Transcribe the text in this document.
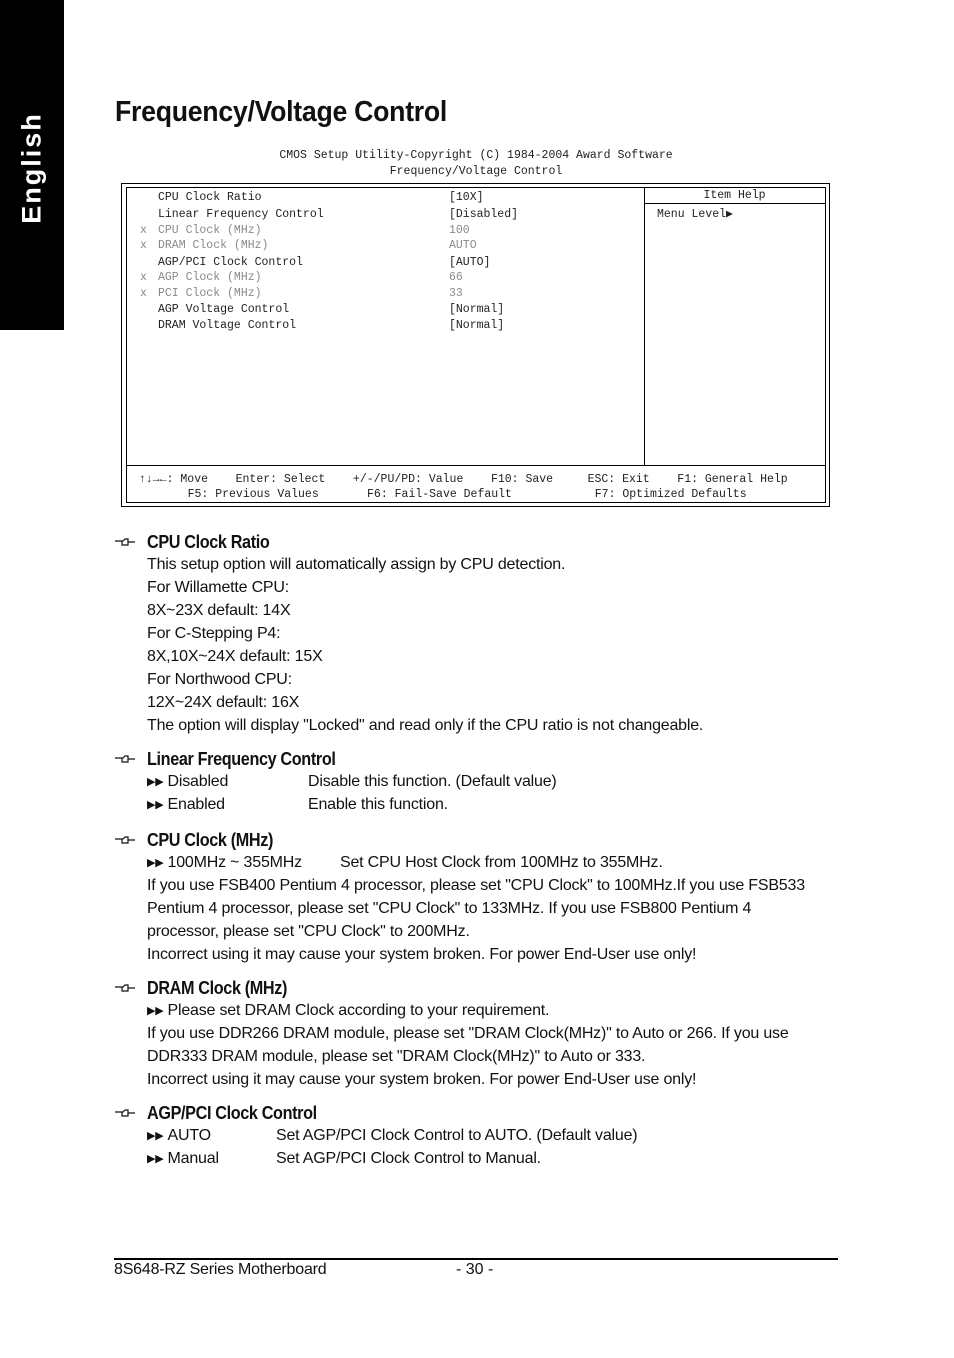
English
Frequency/Voltage Control
CMOS Setup Utility-Copyright (C) 1984-2004 Award Software
Frequency/Voltage Control
CPU Clock Ratio	[10X]
Linear Frequency Control	[Disabled]
x CPU Clock (MHz)	100
x DRAM Clock (MHz)	AUTO
AGP/PCI Clock Control	[AUTO]
x AGP Clock (MHz)	66
x PCI Clock (MHz)	33
AGP Voltage Control	[Normal]
DRAM Voltage Control	[Normal]
Item Help
Menu Level▶
↑↓→←: Move    Enter: Select    +/-/PU/PD: Value    F10: Save     ESC: Exit    F1: General Help
F5: Previous Values       F6: Fail-Save Default            F7: Optimized Defaults
CPU Clock Ratio
This setup option will automatically assign by CPU detection.
For Willamette CPU:
8X~23X default: 14X
For C-Stepping P4:
8X,10X~24X default: 15X
For Northwood CPU:
12X~24X default: 16X
The option will display "Locked" and read only if the CPU ratio is not changeable.
Linear Frequency Control
▶▶ Disabled	Disable this function. (Default value)
▶▶ Enabled	Enable this function.
CPU Clock (MHz)
▶▶ 100MHz ~ 355MHz Set CPU Host Clock from 100MHz to 355MHz.
If you use FSB400 Pentium 4 processor, please set "CPU Clock" to 100MHz.If you use FSB533
Pentium 4 processor, please set "CPU Clock" to 133MHz. If you use FSB800 Pentium 4
processor, please set "CPU Clock" to 200MHz.
Incorrect using it may cause your system broken. For power End-User use only!
DRAM Clock (MHz)
▶▶ Please set DRAM Clock according to your requirement.
If you use DDR266 DRAM module, please set "DRAM Clock(MHz)" to Auto or 266. If you use
DDR333 DRAM module, please set "DRAM Clock(MHz)" to Auto or 333.
Incorrect using it may cause your system broken. For power End-User use only!
AGP/PCI Clock Control
▶▶ AUTO	Set AGP/PCI Clock Control to AUTO. (Default value)
▶▶ Manual	Set AGP/PCI Clock Control to Manual.
8S648-RZ Series Motherboard	- 30 -
